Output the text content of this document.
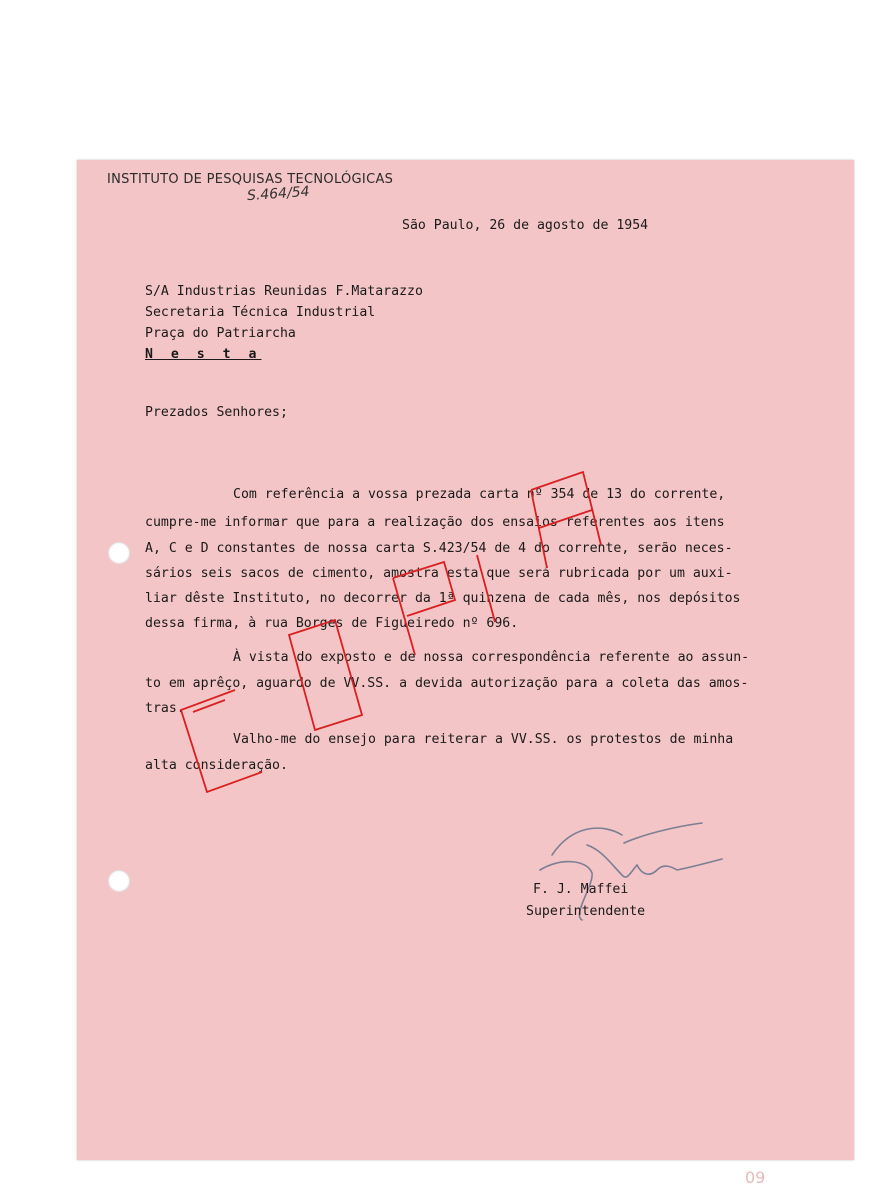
INSTITUTO DE PESQUISAS TECNOLÓGICAS
S.464/54
São Paulo, 26 de agosto de 1954
S/A Industrias Reunidas F.Matarazzo
Secretaria Técnica Industrial
Praça do Patriarcha
N e s t a
Prezados Senhores;
Com referência a vossa prezada carta nº 354 de 13 do corrente,
cumpre-me informar que para a realização dos ensaios referentes aos itens
A, C e D constantes de nossa carta S.423/54 de 4 do corrente, serão neces-
sários seis sacos de cimento, amostra esta que será rubricada por um auxi-
liar dêste Instituto, no decorrer da 1ª quinzena de cada mês, nos depósitos
dessa firma, à rua Borges de Figueiredo nº 696.
À vista do exposto e de nossa correspondência referente ao assun-
to em aprêço, aguardo de VV.SS. a devida autorização para a coleta das amos-
tras.
Valho-me do ensejo para reiterar a VV.SS. os protestos de minha
alta consideração.
F. J. Maffei
Superintendente
09
